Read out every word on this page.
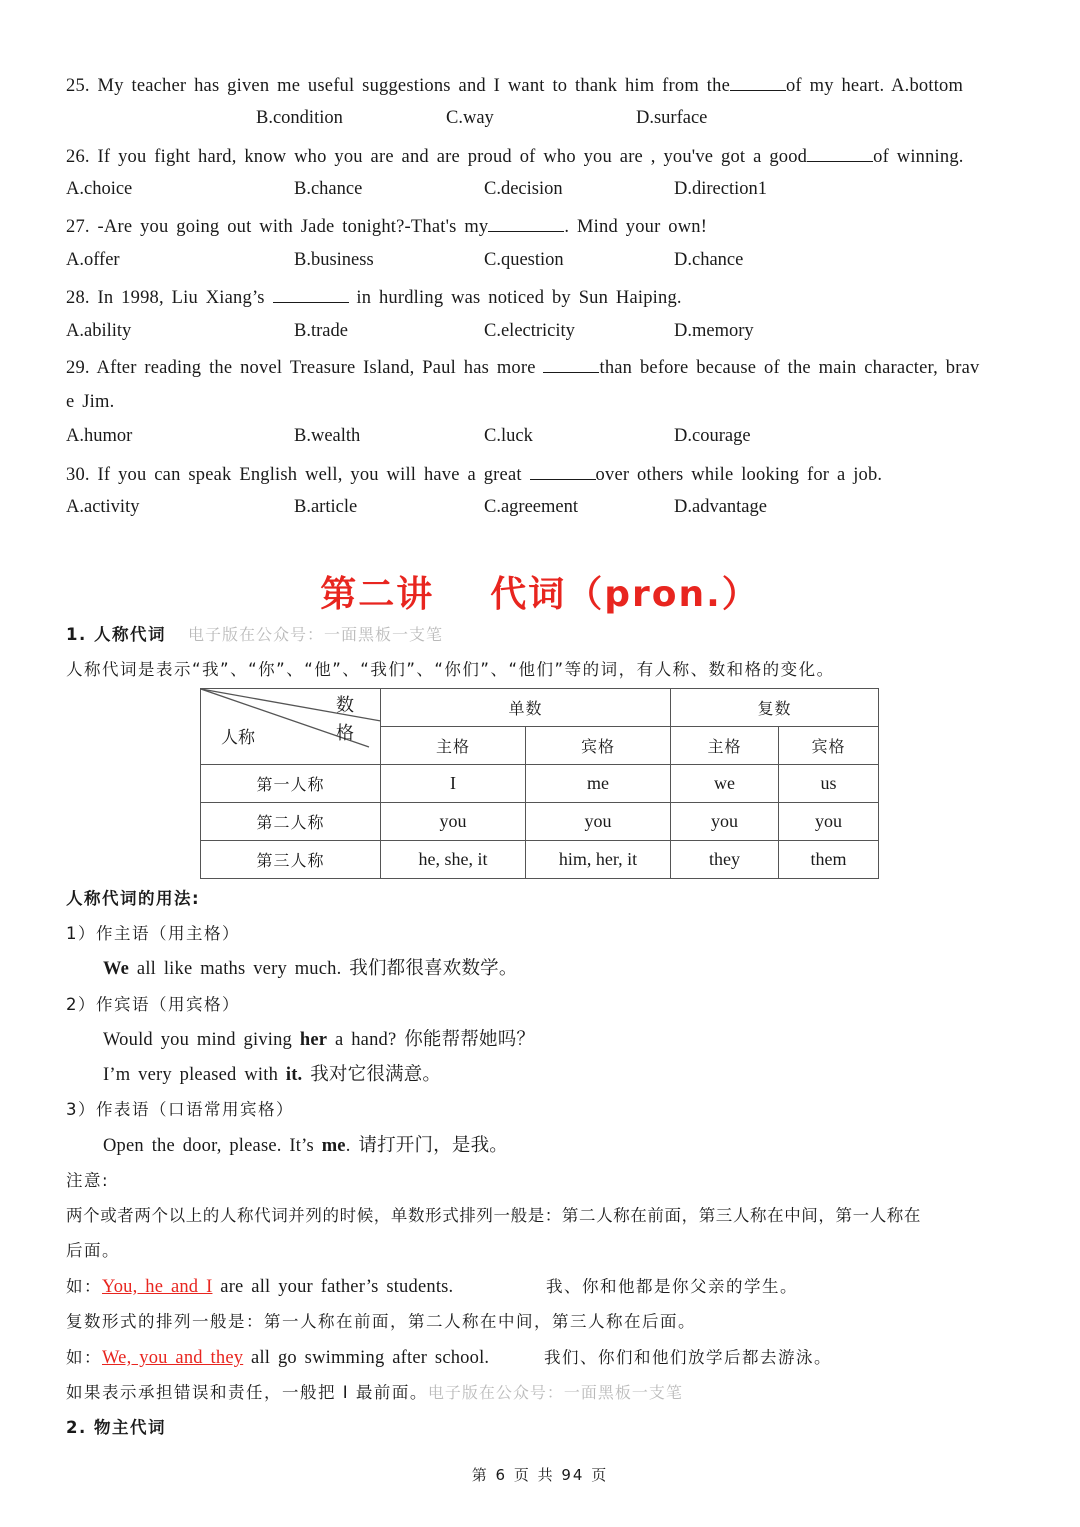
25. My teacher has given me useful suggestions and I want to thank him from the	of my heart. A.bottom
B.condition	C.way	D.surface
26. If you fight hard, know who you are and are proud of who you are , you've got a good	of winning.
A.choice	B.chance	C.decision	D.direction1
27. -Are you going out with Jade tonight?-That's my	. Mind your own!
A.offer	B.business	C.question	D.chance
28. In 1998, Liu Xiang’s	in hurdling was noticed by Sun Haiping.
A.ability	B.trade	C.electricity	D.memory
29. After reading the novel Treasure Island, Paul has more	than before because of the main character, brav
e Jim.
A.humor	B.wealth	C.luck	D.courage
30. If you can speak English well, you will have a great	over others while looking for a job.
A.activity	B.article	C.agreement	D.advantage
第二讲 代词（pron.）
1. 人称代词 电子版在公众号：一面黑板一支笔
人称代词是表示“我”、“你”、“他”、“我们”、“你们”、“他们”等的词，有人称、数和格的变化。
数
格
人称	单数		复数	
	主格	宾格	主格	宾格
第一人称	I	me	we	us
第二人称	you	you	you	you
第三人称	he, she, it	him, her, it	they	them
人称代词的用法:
1）作主语（用主格）
We all like maths very much. 我们都很喜欢数学。
2）作宾语（用宾格）
Would you mind giving her a hand? 你能帮帮她吗？
I’m very pleased with it. 我对它很满意。
3）作表语（口语常用宾格）
Open the door, please. It’s me. 请打开门，是我。
注意:
两个或者两个以上的人称代词并列的时候，单数形式排列一般是：第二人称在前面，第三人称在中间，第一人称在
后面。
如：You, he and I are all your father’s students.	我、你和他都是你父亲的学生。
复数形式的排列一般是：第一人称在前面，第二人称在中间，第三人称在后面。
如：We, you and they all go swimming after school.	我们、你们和他们放学后都去游泳。
如果表示承担错误和责任，一般把 I 最前面。电子版在公众号：一面黑板一支笔
2. 物主代词
第 6 页 共 94 页
